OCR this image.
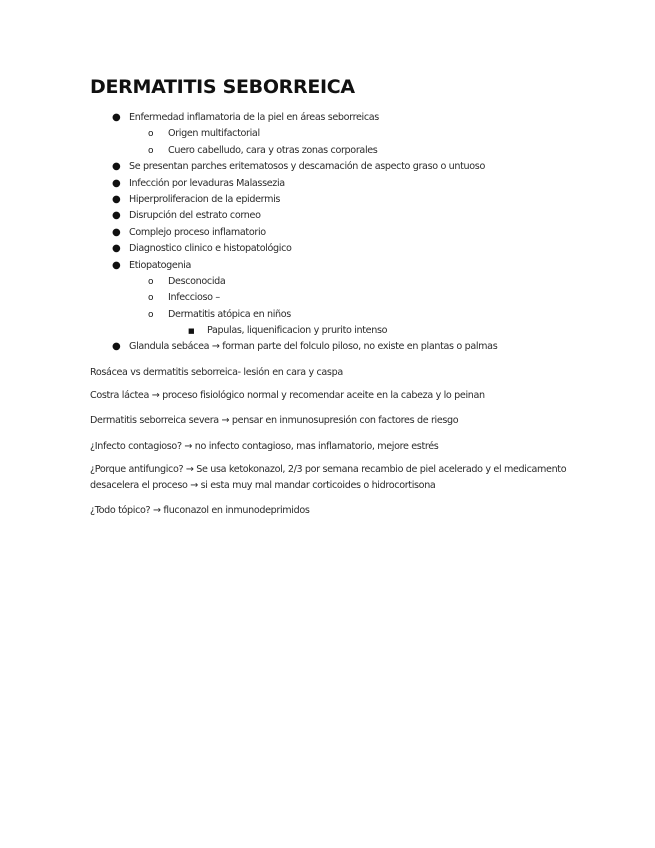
DERMATITIS SEBORREICA
● Enfermedad inflamatoria de la piel en áreas seborreicas
o Origen multifactorial
o Cuero cabelludo, cara y otras zonas corporales
● Se presentan parches eritematosos y descamación de aspecto graso o untuoso
● Infección por levaduras Malassezia
● Hiperproliferacion de la epidermis
● Disrupción del estrato corneo
● Complejo proceso inflamatorio
● Diagnostico clinico e histopatológico
● Etiopatogenia
o Desconocida
o Infeccioso –
o Dermatitis atópica en niños
■ Papulas, liquenificacion y prurito intenso
● Glandula sebácea → forman parte del folculo piloso, no existe en plantas o palmas

Rosácea vs dermatitis seborreica- lesión en cara y caspa

Costra láctea → proceso fisiológico normal y recomendar aceite en la cabeza y lo peinan

Dermatitis seborreica severa → pensar en inmunosupresión con factores de riesgo

¿Infecto contagioso? → no infecto contagioso, mas inflamatorio, mejore estrés

¿Porque antifungico? → Se usa ketokonazol, 2/3 por semana recambio de piel acelerado y el medicamento
desacelera el proceso → si esta muy mal mandar corticoides o hidrocortisona

¿Todo tópico? → fluconazol en inmunodeprimidos
